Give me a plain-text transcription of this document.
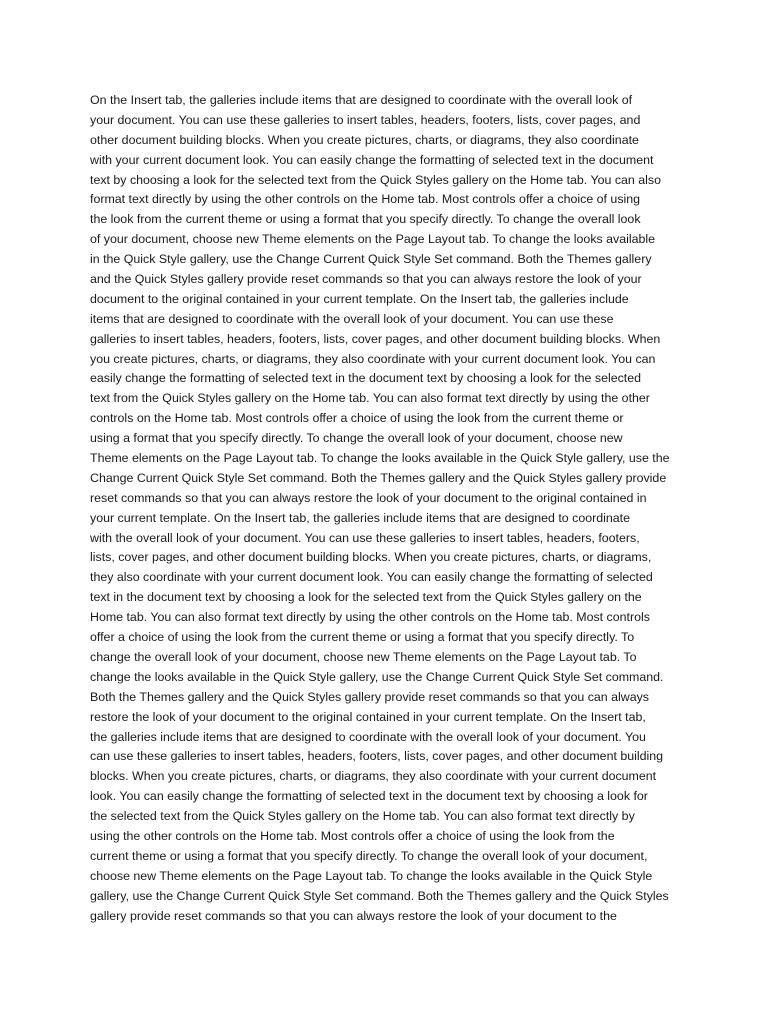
On the Insert tab, the galleries include items that are designed to coordinate with the overall look of
your document. You can use these galleries to insert tables, headers, footers, lists, cover pages, and
other document building blocks. When you create pictures, charts, or diagrams, they also coordinate
with your current document look. You can easily change the formatting of selected text in the document
text by choosing a look for the selected text from the Quick Styles gallery on the Home tab. You can also
format text directly by using the other controls on the Home tab. Most controls offer a choice of using
the look from the current theme or using a format that you specify directly. To change the overall look
of your document, choose new Theme elements on the Page Layout tab. To change the looks available
in the Quick Style gallery, use the Change Current Quick Style Set command. Both the Themes gallery
and the Quick Styles gallery provide reset commands so that you can always restore the look of your
document to the original contained in your current template. On the Insert tab, the galleries include
items that are designed to coordinate with the overall look of your document. You can use these
galleries to insert tables, headers, footers, lists, cover pages, and other document building blocks. When
you create pictures, charts, or diagrams, they also coordinate with your current document look. You can
easily change the formatting of selected text in the document text by choosing a look for the selected
text from the Quick Styles gallery on the Home tab. You can also format text directly by using the other
controls on the Home tab. Most controls offer a choice of using the look from the current theme or
using a format that you specify directly. To change the overall look of your document, choose new
Theme elements on the Page Layout tab. To change the looks available in the Quick Style gallery, use the
Change Current Quick Style Set command. Both the Themes gallery and the Quick Styles gallery provide
reset commands so that you can always restore the look of your document to the original contained in
your current template. On the Insert tab, the galleries include items that are designed to coordinate
with the overall look of your document. You can use these galleries to insert tables, headers, footers,
lists, cover pages, and other document building blocks. When you create pictures, charts, or diagrams,
they also coordinate with your current document look. You can easily change the formatting of selected
text in the document text by choosing a look for the selected text from the Quick Styles gallery on the
Home tab. You can also format text directly by using the other controls on the Home tab. Most controls
offer a choice of using the look from the current theme or using a format that you specify directly. To
change the overall look of your document, choose new Theme elements on the Page Layout tab. To
change the looks available in the Quick Style gallery, use the Change Current Quick Style Set command.
Both the Themes gallery and the Quick Styles gallery provide reset commands so that you can always
restore the look of your document to the original contained in your current template. On the Insert tab,
the galleries include items that are designed to coordinate with the overall look of your document. You
can use these galleries to insert tables, headers, footers, lists, cover pages, and other document building
blocks. When you create pictures, charts, or diagrams, they also coordinate with your current document
look. You can easily change the formatting of selected text in the document text by choosing a look for
the selected text from the Quick Styles gallery on the Home tab. You can also format text directly by
using the other controls on the Home tab. Most controls offer a choice of using the look from the
current theme or using a format that you specify directly. To change the overall look of your document,
choose new Theme elements on the Page Layout tab. To change the looks available in the Quick Style
gallery, use the Change Current Quick Style Set command. Both the Themes gallery and the Quick Styles
gallery provide reset commands so that you can always restore the look of your document to the
